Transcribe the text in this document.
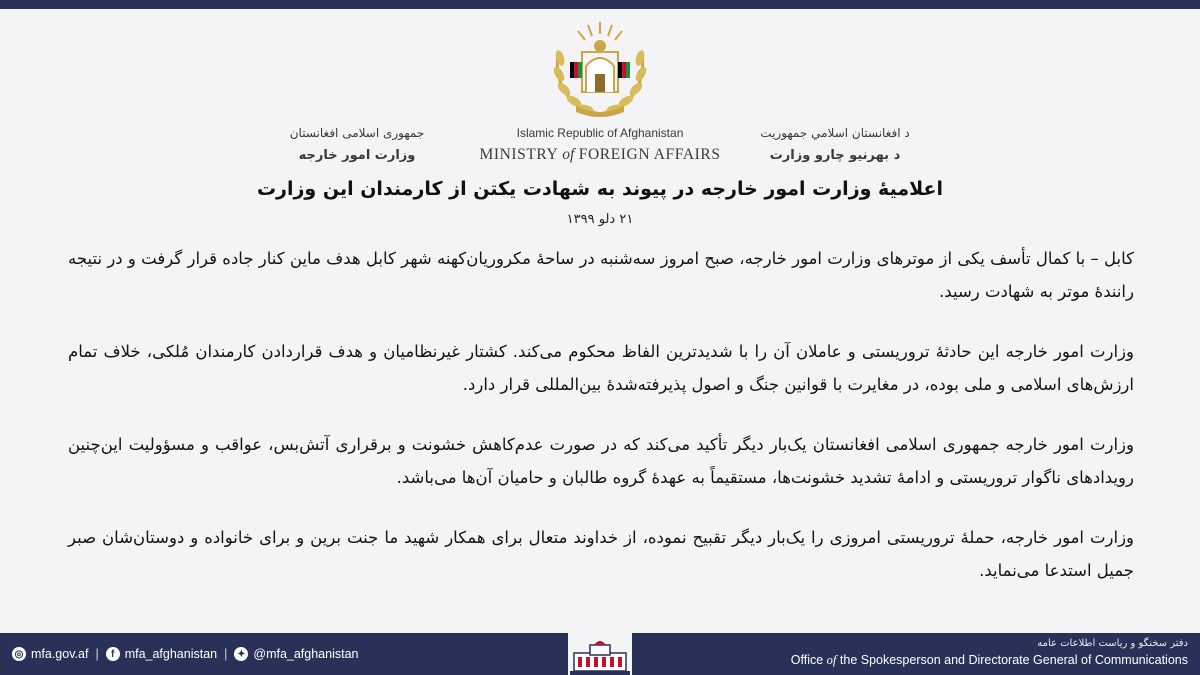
جمهوری اسلامی افغانستان
وزارت امور خارجه
Islamic Republic of Afghanistan
MINISTRY of FOREIGN AFFAIRS
د افغانستان اسلامي جمهوریت
د بهرنیو چارو وزارت
اعلامیۀ وزارت امور خارجه در پیوند به شهادت یکتن از کارمندان این وزارت
۲۱ دلو ۱۳۹۹

کابل – با کمال تأسف یکی از موترهای وزارت امور خارجه، صبح امروز سه‌شنبه در ساحۀ مکروریان‌کهنه شهر کابل هدف ماین کنار جاده قرار گرفت و در نتیجه رانندۀ موتر به شهادت رسید.

وزارت امور خارجه این حادثۀ تروریستی و عاملان آن را با شدیدترین الفاظ محکوم می‌کند. کشتار غیرنظامیان و هدف قراردادن کارمندان مُلکی، خلاف تمام ارزش‌های اسلامی و ملی بوده، در مغایرت با قوانین جنگ و اصول پذیرفته‌شدۀ بین‌المللی قرار دارد.

وزارت امور خارجه جمهوری اسلامی افغانستان یک‌بار دیگر تأکید می‌کند که در صورت عدم‌کاهش خشونت و برقراری آتش‌بس، عواقب و مسؤولیت این‌چنین رویدادهای ناگوار تروریستی و ادامۀ تشدید خشونت‌ها، مستقیماً به عهدۀ گروه طالبان و حامیان آن‌ها می‌باشد.

وزارت امور خارجه، حملۀ تروریستی امروزی را یک‌بار دیگر تقبیح نموده، از خداوند متعال برای همکار شهید ما جنت برین و برای خانواده و دوستان‌شان صبر جمیل استدعا می‌نماید.

◎ mfa.gov.af |	f mfa_afghanistan | ✦ @mfa_afghanistan
دفتر سخنگو و ریاست اطلاعات عامه
Office of the Spokesperson and Directorate General of Communications
